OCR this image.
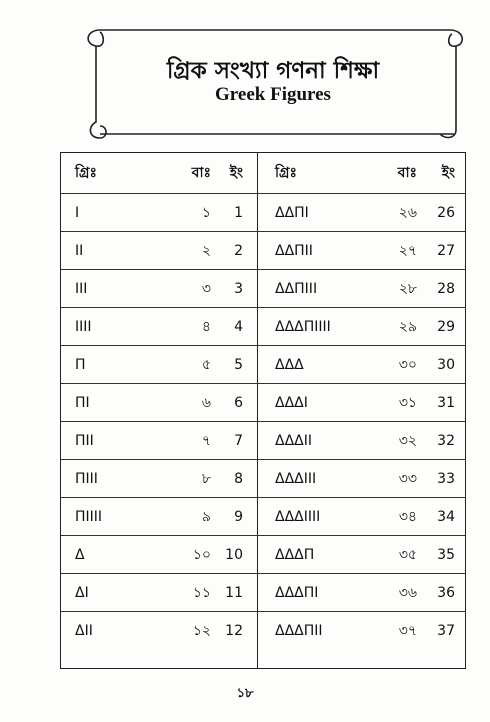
গ্রিক সংখ্যা গণনা শিক্ষা
Greek Figures
গ্রিঃ	বাঃ	ইং গ্রিঃ	বাঃ	ইং
I	১	1 ΔΔΠI	২৬	26
II	২	2 ΔΔΠII	২৭	27
III	৩	3 ΔΔΠIII	২৮	28
IIII	৪	4 ΔΔΔΠIIII	২৯	29
Π	৫	5 ΔΔΔ	৩০	30
ΠI	৬	6 ΔΔΔI	৩১	31
ΠII	৭	7 ΔΔΔII	৩২	32
ΠIII	৮	8 ΔΔΔIII	৩৩	33
ΠIIII	৯	9 ΔΔΔIIII	৩৪	34
Δ	১০ 10 ΔΔΔΠ	৩৫	35
ΔI	১১ 11 ΔΔΔΠI	৩৬	36
ΔII	১২ 12 ΔΔΔΠII	৩৭	37
১৮
